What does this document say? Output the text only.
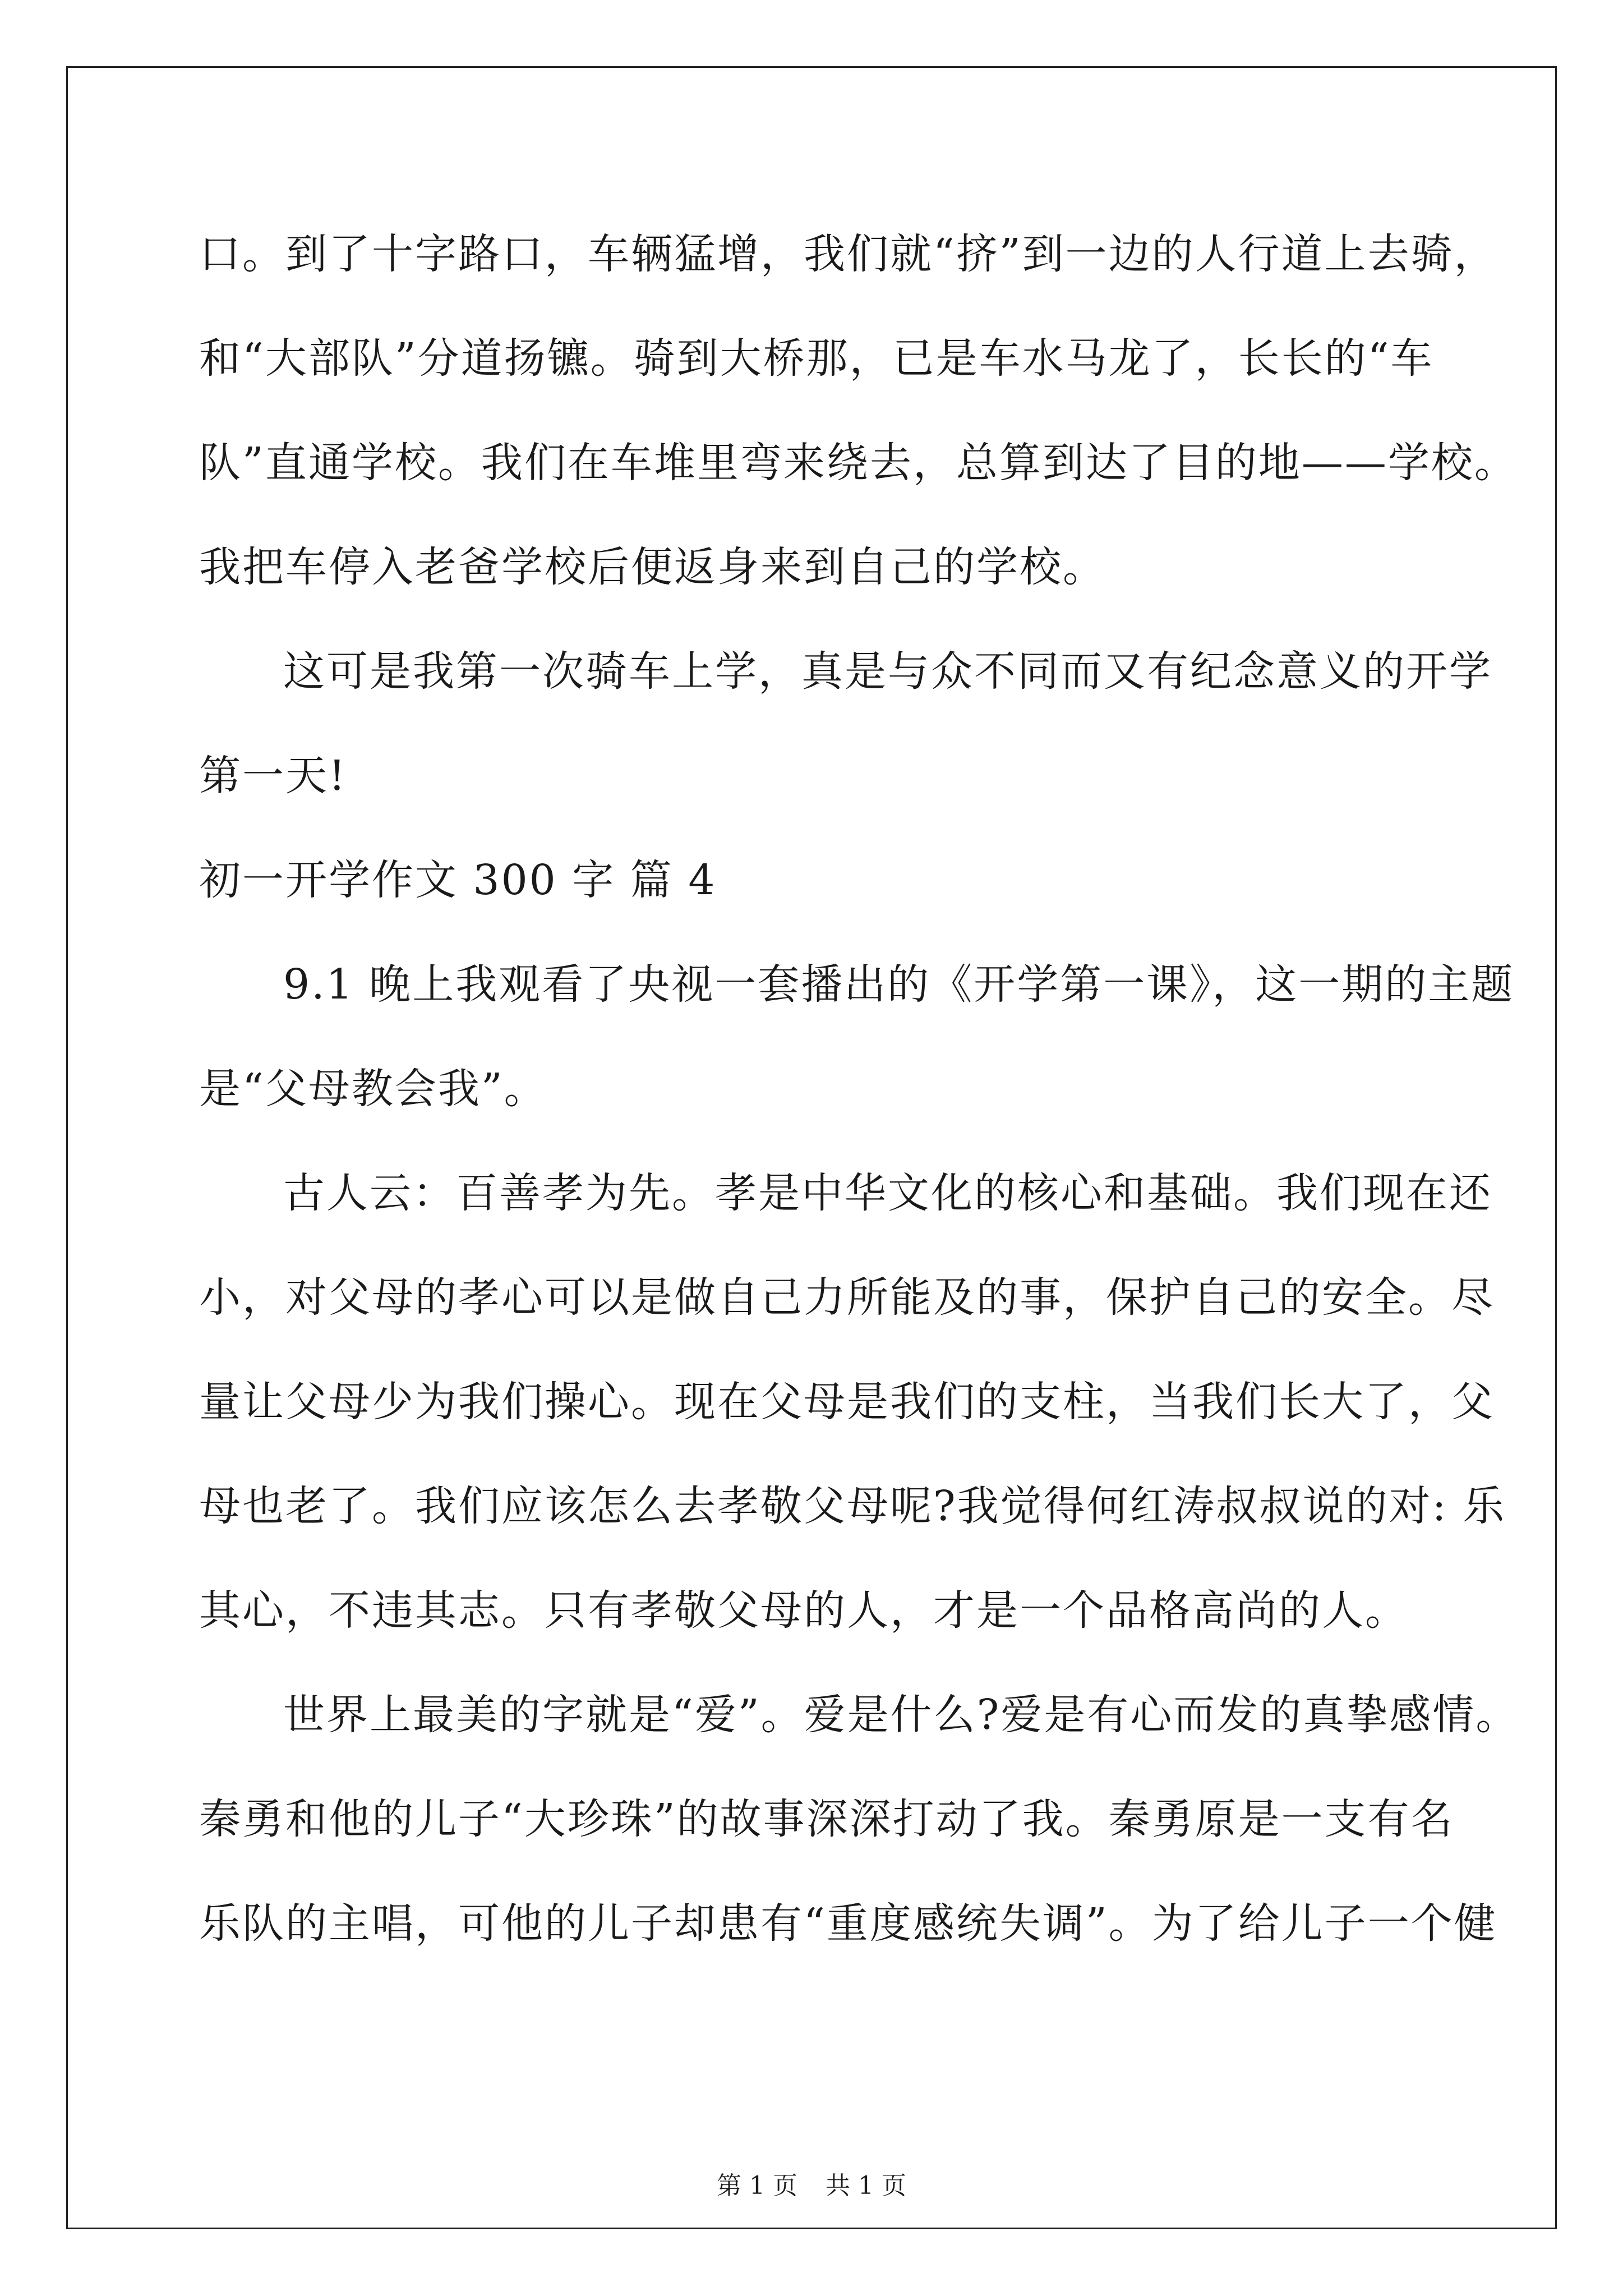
口。到了十字路口，车辆猛增，我们就“挤”到一边的人行道上去骑，
和“大部队”分道扬镳。骑到大桥那，已是车水马龙了，长长的“车
队”直通学校。我们在车堆里弯来绕去，总算到达了目的地——学校。
我把车停入老爸学校后便返身来到自己的学校。
这可是我第一次骑车上学，真是与众不同而又有纪念意义的开学
第一天!
初一开学作文 300 字 篇 4
9.1 晚上我观看了央视一套播出的《开学第一课》，这一期的主题
是“父母教会我”。
古人云：百善孝为先。孝是中华文化的核心和基础。我们现在还
小，对父母的孝心可以是做自己力所能及的事，保护自己的安全。尽
量让父母少为我们操心。现在父母是我们的支柱，当我们长大了，父
母也老了。我们应该怎么去孝敬父母呢?我觉得何红涛叔叔说的对: 乐
其心，不违其志。只有孝敬父母的人，才是一个品格高尚的人。
世界上最美的字就是“爱”。爱是什么?爱是有心而发的真挚感情。
秦勇和他的儿子“大珍珠”的故事深深打动了我。秦勇原是一支有名
乐队的主唱，可他的儿子却患有“重度感统失调”。为了给儿子一个健
第 1 页 共 1 页
